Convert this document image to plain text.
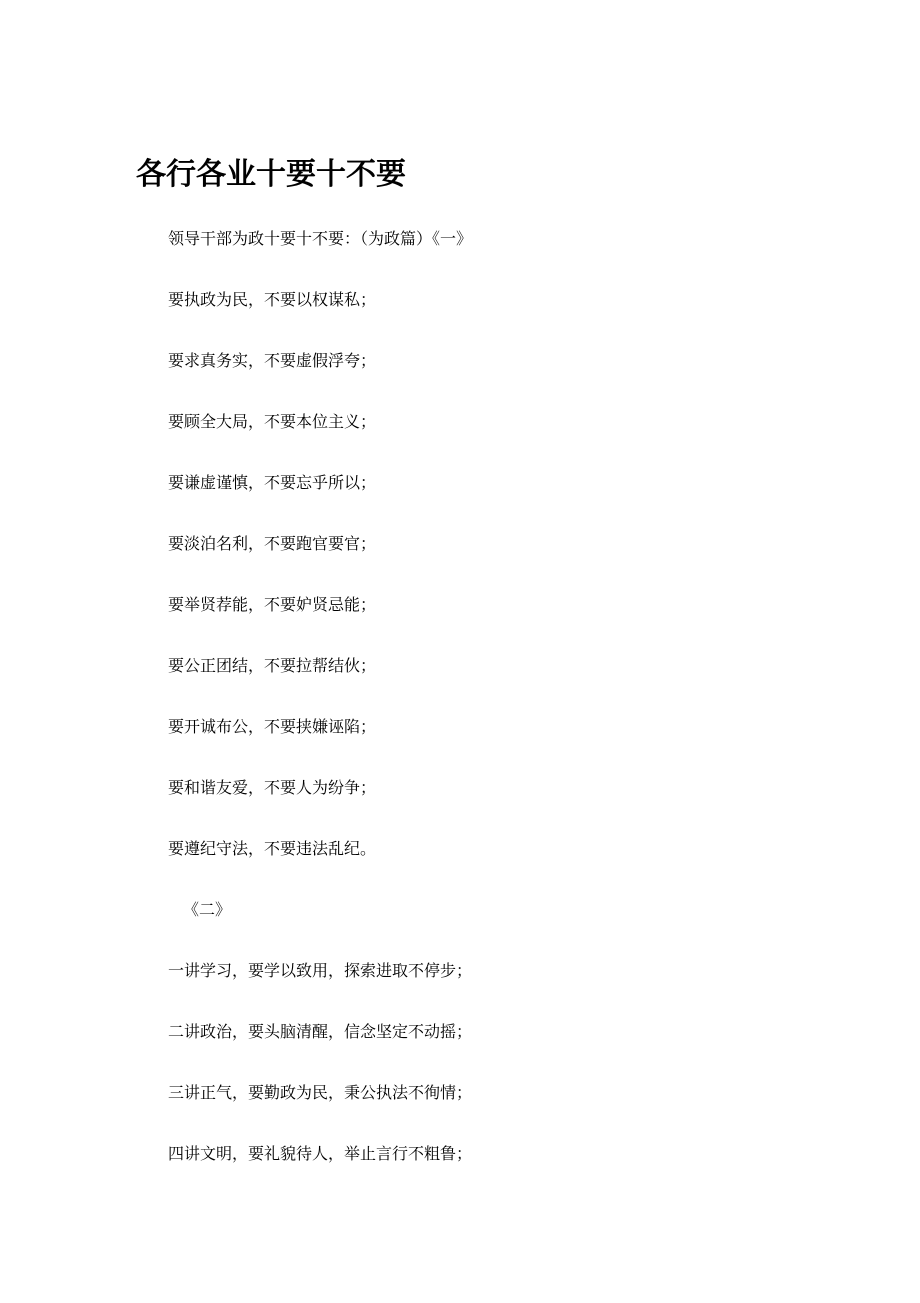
各行各业十要十不要

领导干部为政十要十不要：（为政篇）《一》

要执政为民，不要以权谋私；

要求真务实，不要虚假浮夸；

要顾全大局，不要本位主义；

要谦虚谨慎，不要忘乎所以；

要淡泊名利，不要跑官要官；

要举贤荐能，不要妒贤忌能；

要公正团结，不要拉帮结伙；

要开诚布公，不要挟嫌诬陷；

要和谐友爱，不要人为纷争；

要遵纪守法，不要违法乱纪。

《二》

一讲学习，要学以致用，探索进取不停步；

二讲政治，要头脑清醒，信念坚定不动摇；

三讲正气，要勤政为民，秉公执法不徇情；

四讲文明，要礼貌待人，举止言行不粗鲁；
